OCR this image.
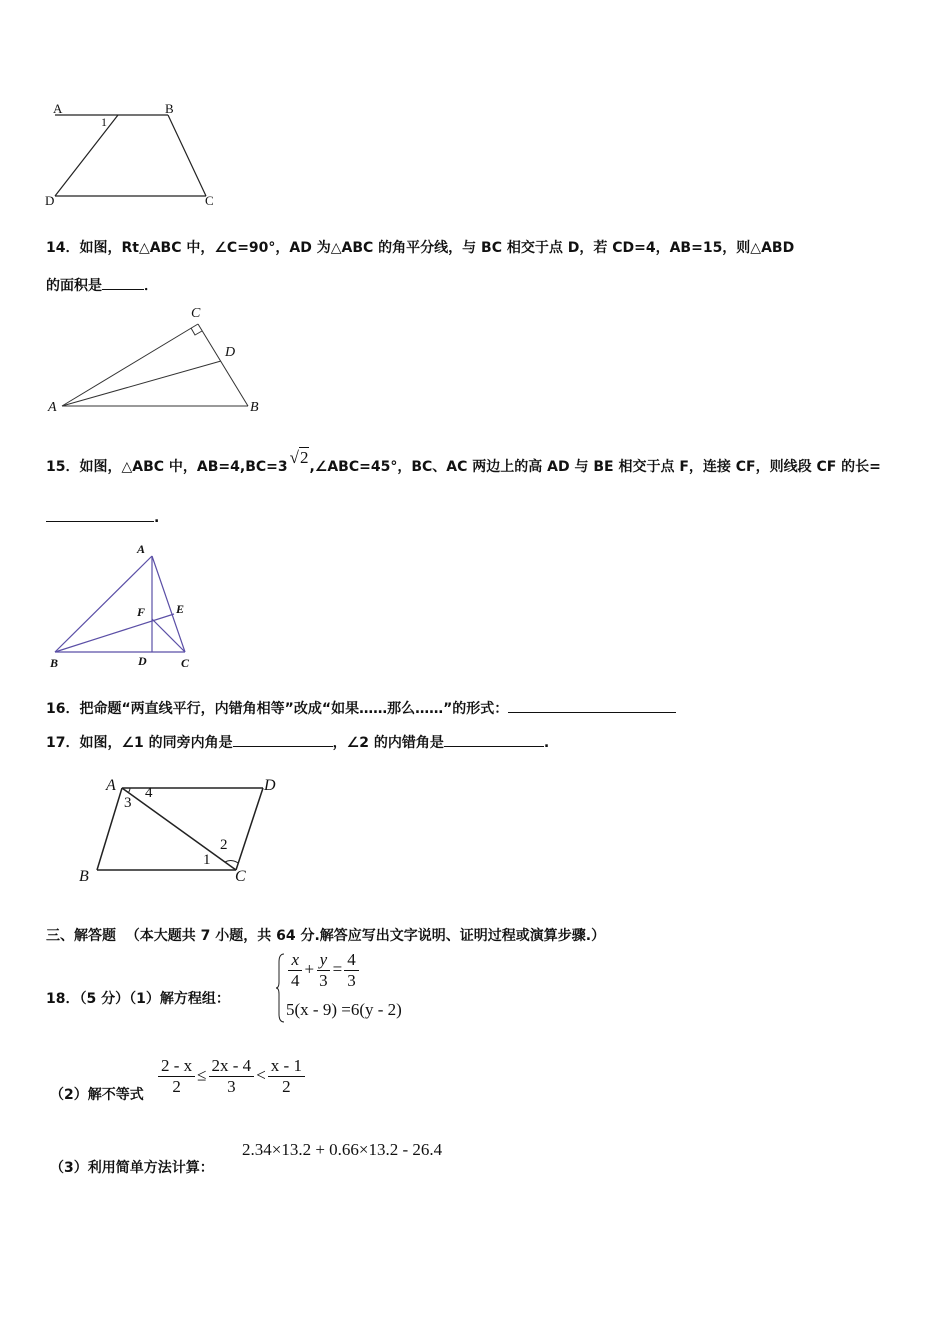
A	B
D	C
1
14．如图，Rt△ABC 中，∠C=90°，AD 为△ABC 的角平分线，与 BC 相交于点 D，若 CD=4，AB=15，则△ABD
的面积是	．
A	B
C
D
15．如图，△ABC 中，AB=4,BC=3 √2,∠ABC=45°，BC、AC 两边上的高 AD 与 BE 相交于点 F，连接 CF，则线段 CF 的长=
.
A
B	D	C
E
F
16．把命题“两直线平行，内错角相等”改成“如果……那么……”的形式：
17．如图，∠1 的同旁内角是	，∠2 的内错角是	.
A	D
B	C
3
4
1
2
三、解答题 （本大题共 7 小题，共 64 分.解答应写出文字说明、证明过程或演算步骤.）
18．（5 分）（1）解方程组：
$\frac{x}{4} + \frac{y}{3} = \frac{4}{3}$
5(x - 9) =6(y - 2)
（2）解不等式 $\frac{2 - x}{2} \le \frac{2x - 4}{3} < \frac{x - 1}{2}$
（3）利用简单方法计算：
2.34×13.2 + 0.66×13.2 - 26.4
